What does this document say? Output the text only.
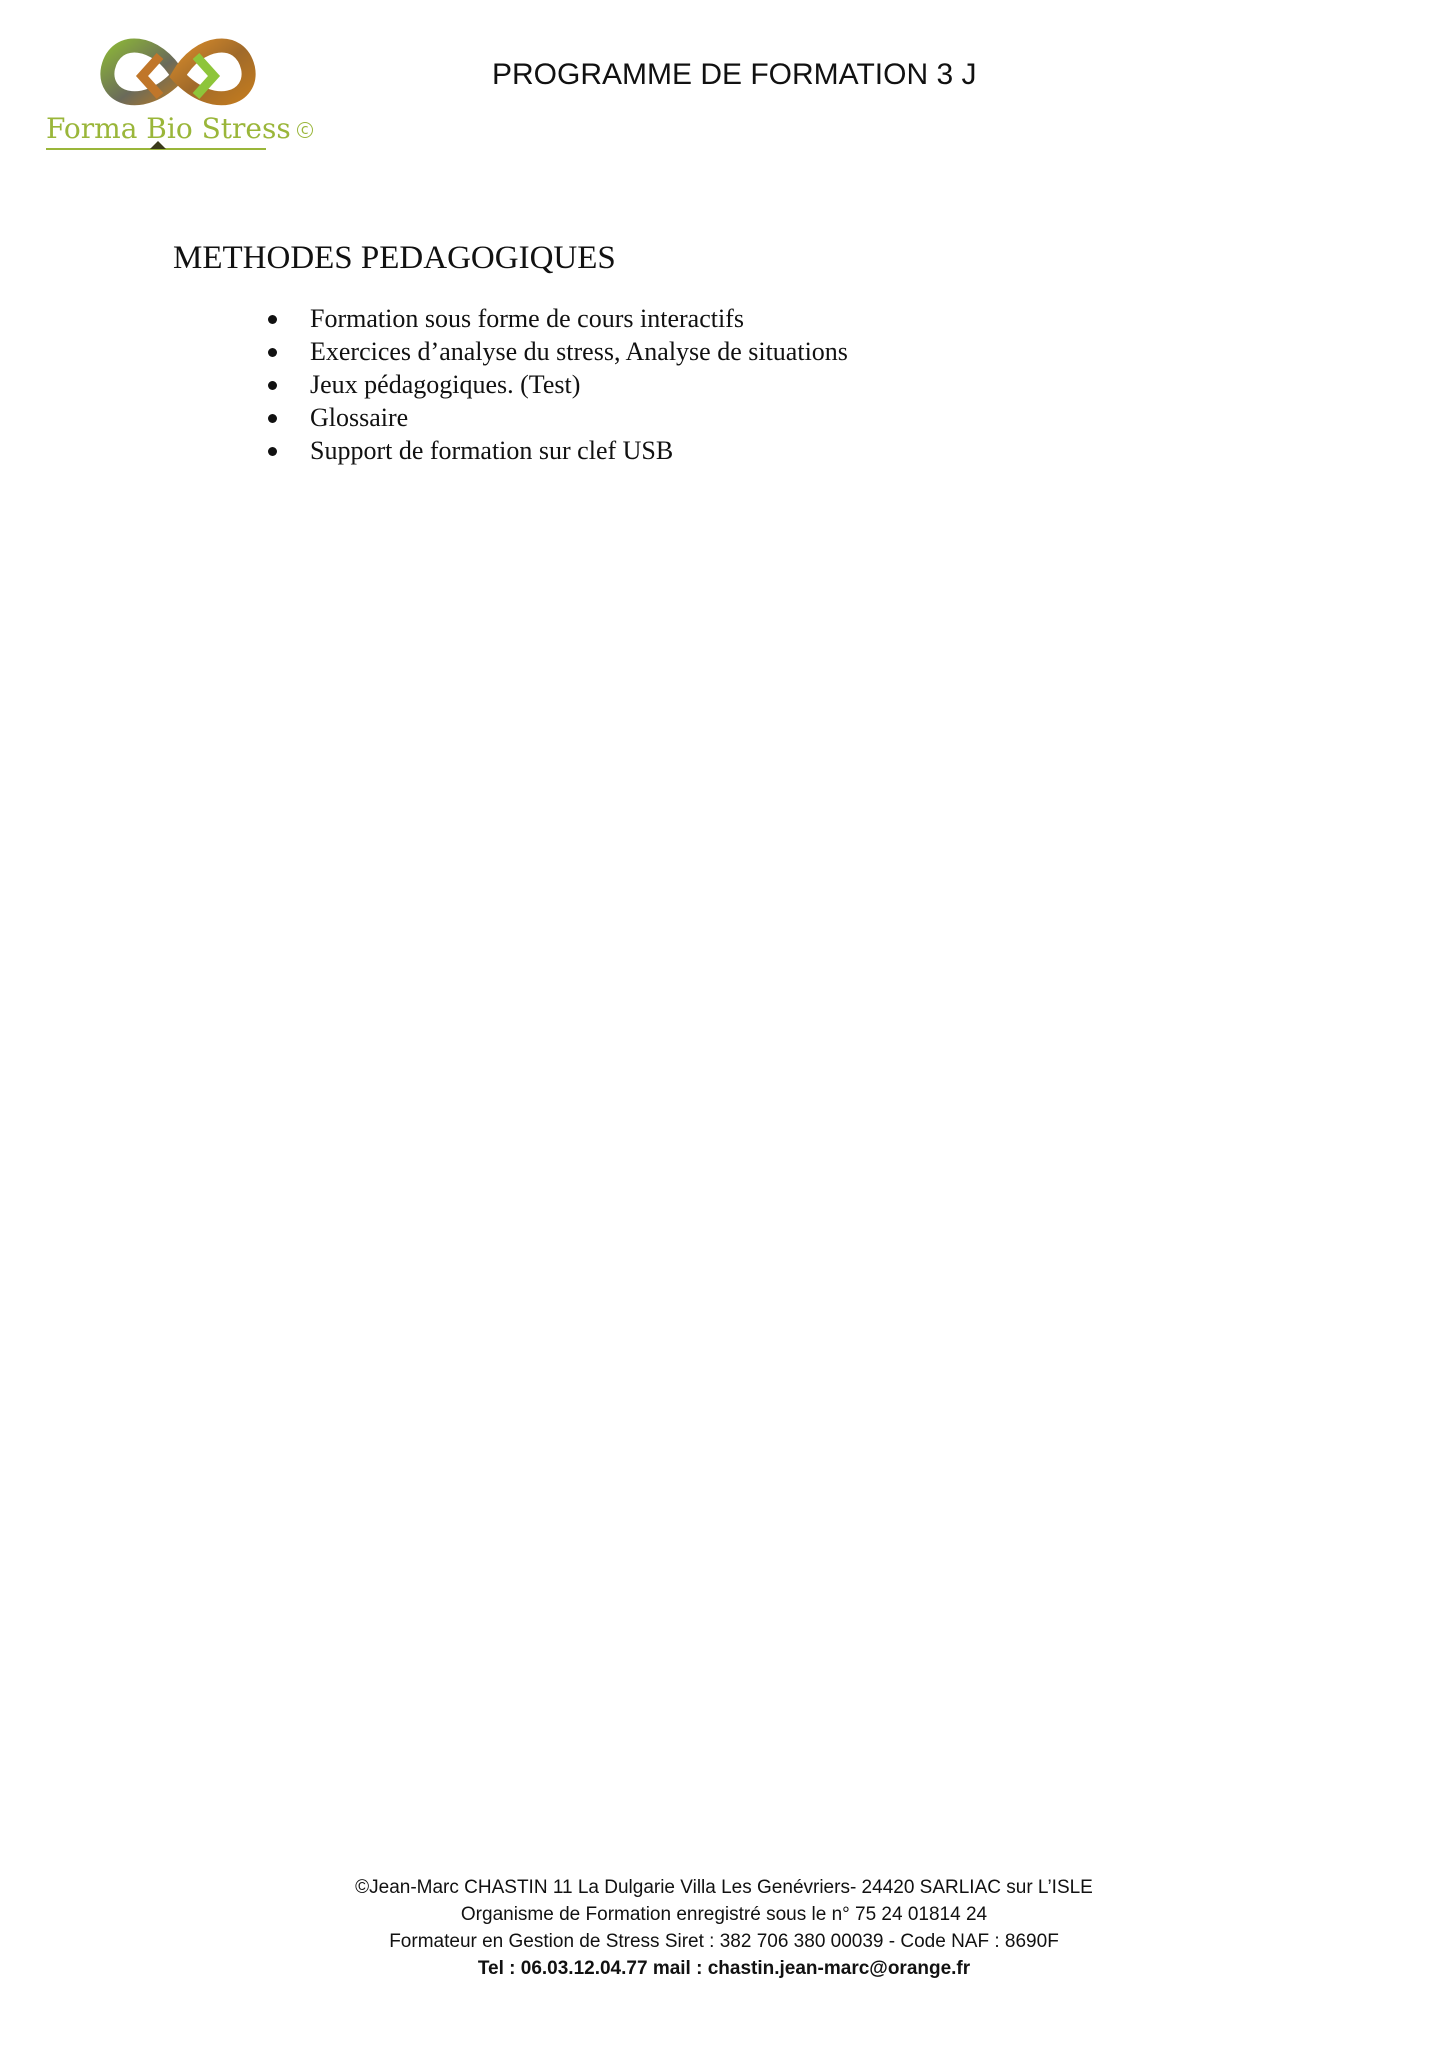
Forma Bio Stress c
PROGRAMME DE FORMATION 3 J
METHODES PEDAGOGIQUES
Formation sous forme de cours interactifs
Exercices d’analyse du stress, Analyse de situations
Jeux pédagogiques. (Test)
Glossaire
Support de formation sur clef USB
©Jean-Marc CHASTIN 11 La Dulgarie Villa Les Genévriers- 24420 SARLIAC sur L’ISLE
Organisme de Formation enregistré sous le n° 75 24 01814 24
Formateur en Gestion de Stress Siret : 382 706 380 00039 - Code NAF : 8690F
Tel : 06.03.12.04.77 mail : chastin.jean-marc@orange.fr
